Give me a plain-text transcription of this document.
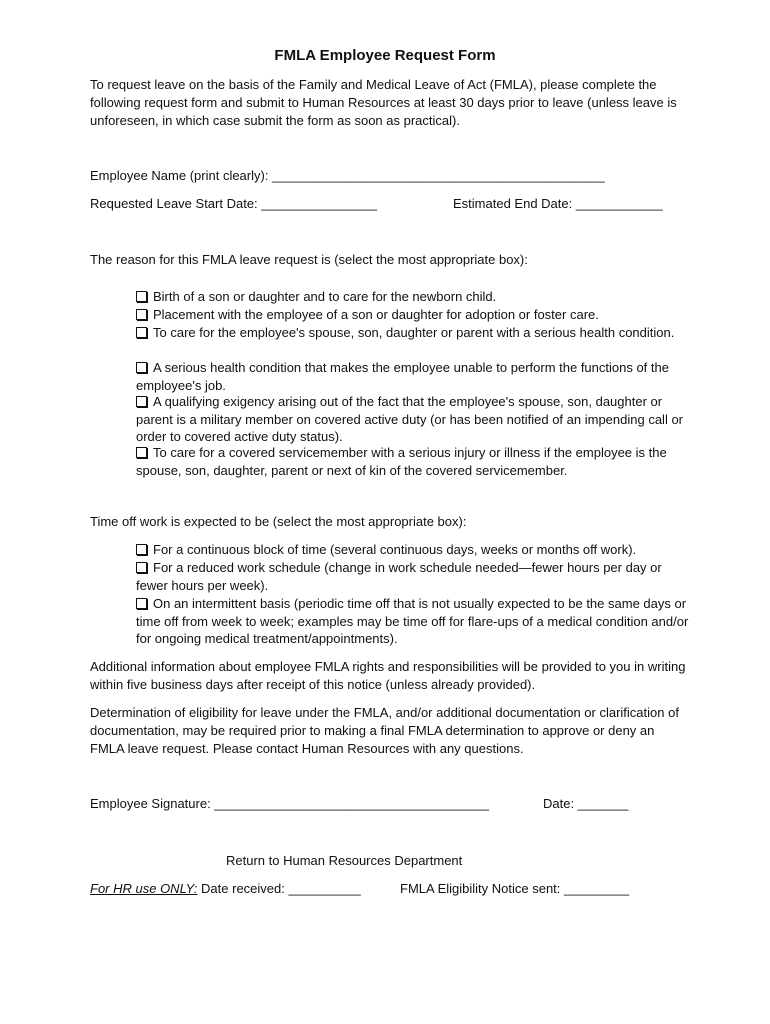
FMLA Employee Request Form
To request leave on the basis of the Family and Medical Leave of Act (FMLA), please complete the following request form and submit to Human Resources at least 30 days prior to leave (unless leave is unforeseen, in which case submit the form as soon as practical).
Employee Name (print clearly): ______________________________________________
Requested Leave Start Date: ________________	Estimated End Date: ____________
The reason for this FMLA leave request is (select the most appropriate box):
Birth of a son or daughter and to care for the newborn child.
Placement with the employee of a son or daughter for adoption or foster care.
To care for the employee's spouse, son, daughter or parent with a serious health condition.
A serious health condition that makes the employee unable to perform the functions of the employee's job.
A qualifying exigency arising out of the fact that the employee's spouse, son, daughter or parent is a military member on covered active duty (or has been notified of an impending call or order to covered active duty status).
To care for a covered servicemember with a serious injury or illness if the employee is the spouse, son, daughter, parent or next of kin of the covered servicemember.
Time off work is expected to be (select the most appropriate box):
For a continuous block of time (several continuous days, weeks or months off work).
For a reduced work schedule (change in work schedule needed—fewer hours per day or fewer hours per week).
On an intermittent basis (periodic time off that is not usually expected to be the same days or time off from week to week; examples may be time off for flare-ups of a medical condition and/or for ongoing medical treatment/appointments).
Additional information about employee FMLA rights and responsibilities will be provided to you in writing within five business days after receipt of this notice (unless already provided).
Determination of eligibility for leave under the FMLA, and/or additional documentation or clarification of documentation, may be required prior to making a final FMLA determination to approve or deny an FMLA leave request. Please contact Human Resources with any questions.
Employee Signature: ______________________________________	Date: _______
Return to Human Resources Department
For HR use ONLY: Date received: __________	FMLA Eligibility Notice sent: _________
